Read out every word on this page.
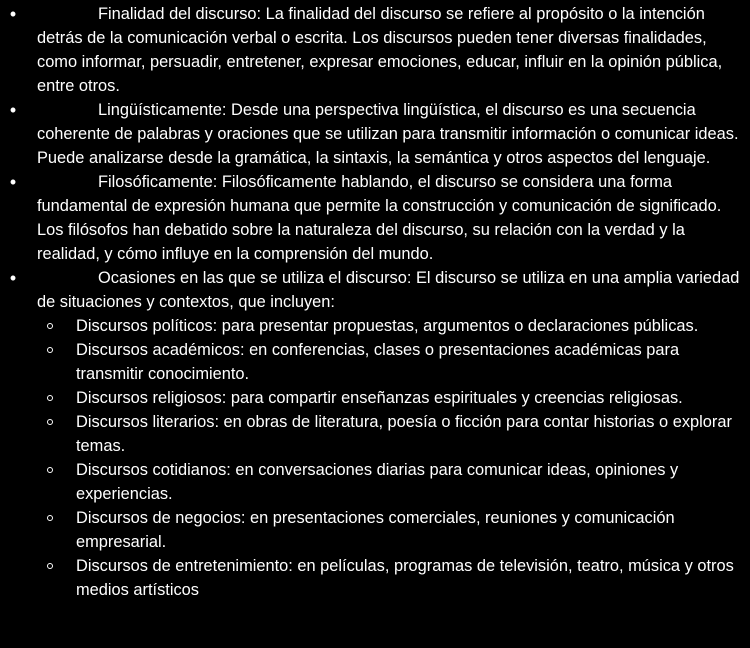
•	Finalidad del discurso: La finalidad del discurso se refiere al propósito o la intención detrás de la comunicación verbal o escrita. Los discursos pueden tener diversas finalidades, como informar, persuadir, entretener, expresar emociones, educar, influir en la opinión pública, entre otros.
•	Lingüísticamente: Desde una perspectiva lingüística, el discurso es una secuencia coherente de palabras y oraciones que se utilizan para transmitir información o comunicar ideas. Puede analizarse desde la gramática, la sintaxis, la semántica y otros aspectos del lenguaje.
•	Filosóficamente: Filosóficamente hablando, el discurso se considera una forma fundamental de expresión humana que permite la construcción y comunicación de significado. Los filósofos han debatido sobre la naturaleza del discurso, su relación con la verdad y la realidad, y cómo influye en la comprensión del mundo.
•	Ocasiones en las que se utiliza el discurso: El discurso se utiliza en una amplia variedad de situaciones y contextos, que incluyen:
Discursos políticos: para presentar propuestas, argumentos o declaraciones públicas.
Discursos académicos: en conferencias, clases o presentaciones académicas para transmitir conocimiento.
Discursos religiosos: para compartir enseñanzas espirituales y creencias religiosas.
Discursos literarios: en obras de literatura, poesía o ficción para contar historias o explorar temas.
Discursos cotidianos: en conversaciones diarias para comunicar ideas, opiniones y experiencias.
Discursos de negocios: en presentaciones comerciales, reuniones y comunicación empresarial.
Discursos de entretenimiento: en películas, programas de televisión, teatro, música y otros medios artísticos
